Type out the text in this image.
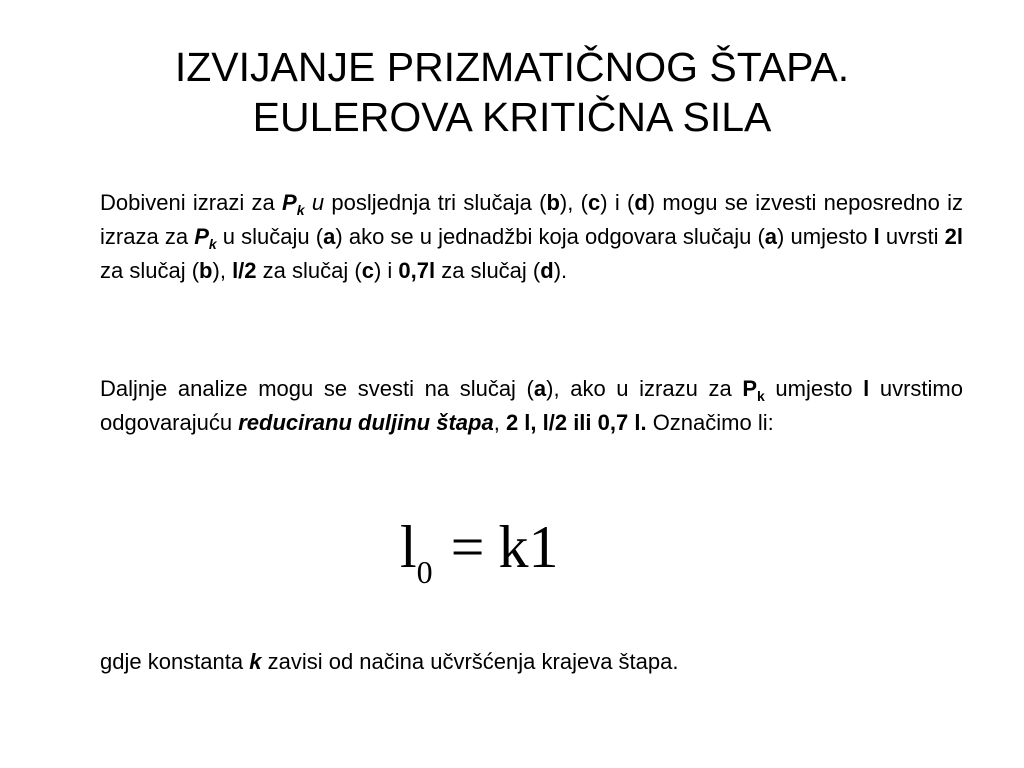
IZVIJANJE PRIZMATIČNOG ŠTAPA.
EULEROVA KRITIČNA SILA

Dobiveni izrazi za $P_k$ u posljednja tri slučaja (b), (c) i (d) mogu se izvesti neposredno iz izraza za $P_k$ u slučaju (a) ako se u jednadžbi koja odgovara slučaju (a) umjesto l uvrsti 2l za slučaj (b), l/2 za slučaj (c) i 0,7l za slučaj (d).

Daljnje analize mogu se svesti na slučaj (a), ako u izrazu za $P_k$ umjesto l uvrstimo odgovarajuću reduciranu duljinu štapa, 2 l, l/2 ili 0,7 l. Označimo li:

$l_0 = k1$

gdje konstanta k zavisi od načina učvršćenja krajeva štapa.
